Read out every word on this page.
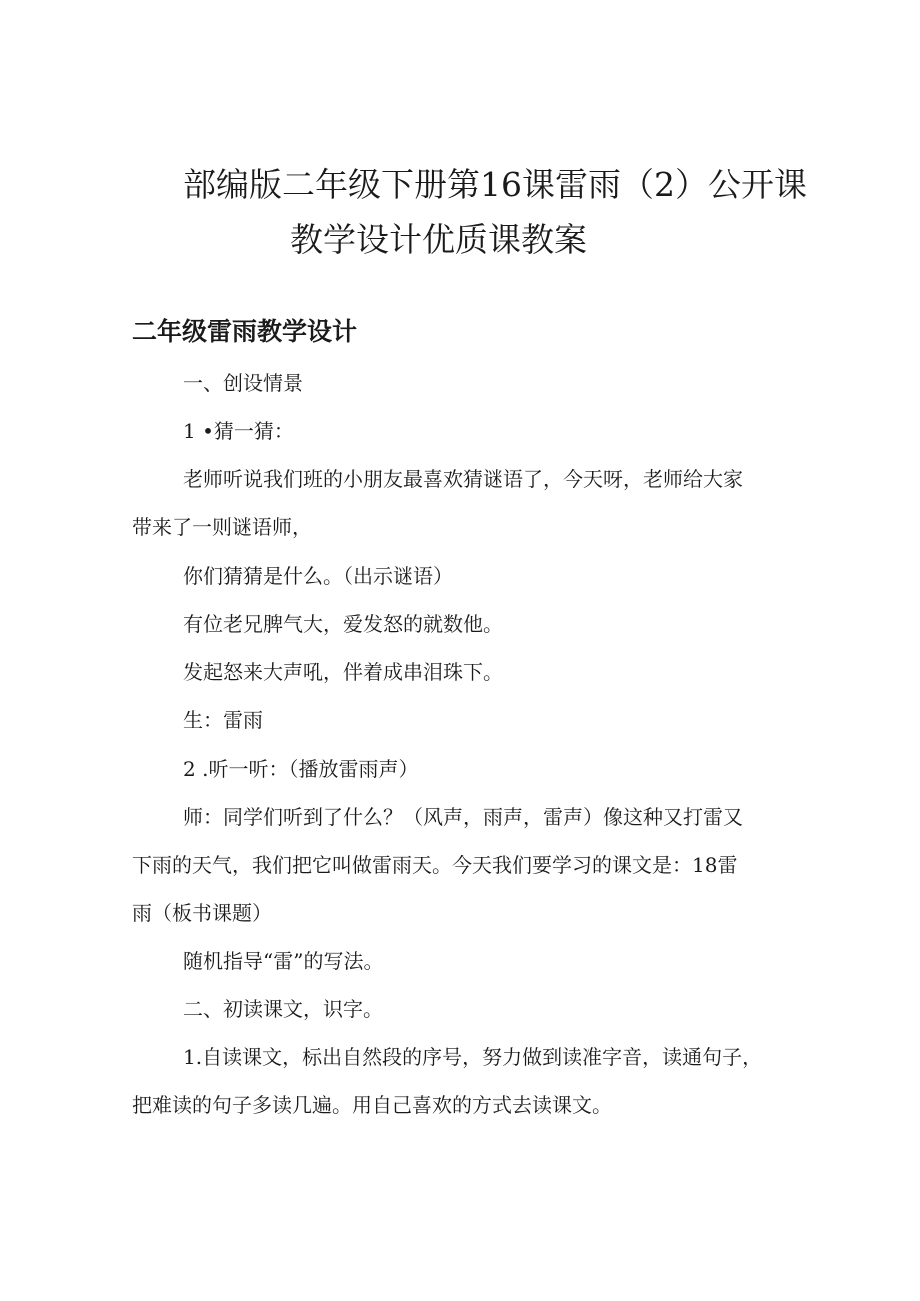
部编版二年级下册第16课雷雨（2）公开课
教学设计优质课教案
二年级雷雨教学设计
一、创设情景
1 •猜一猜：
老师听说我们班的小朋友最喜欢猜谜语了，今天呀，老师给大家
带来了一则谜语师，
你们猜猜是什么。（出示谜语）
有位老兄脾气大，爱发怒的就数他。
发起怒来大声吼，伴着成串泪珠下。
生：雷雨
2 .听一听：（播放雷雨声）
师：同学们听到了什么？（风声，雨声，雷声）像这种又打雷又
下雨的天气，我们把它叫做雷雨天。今天我们要学习的课文是：18雷
雨（板书课题）
随机指导“雷”的写法。
二、初读课文，识字。
1.自读课文，标出自然段的序号，努力做到读准字音，读通句子，
把难读的句子多读几遍。用自己喜欢的方式去读课文。
